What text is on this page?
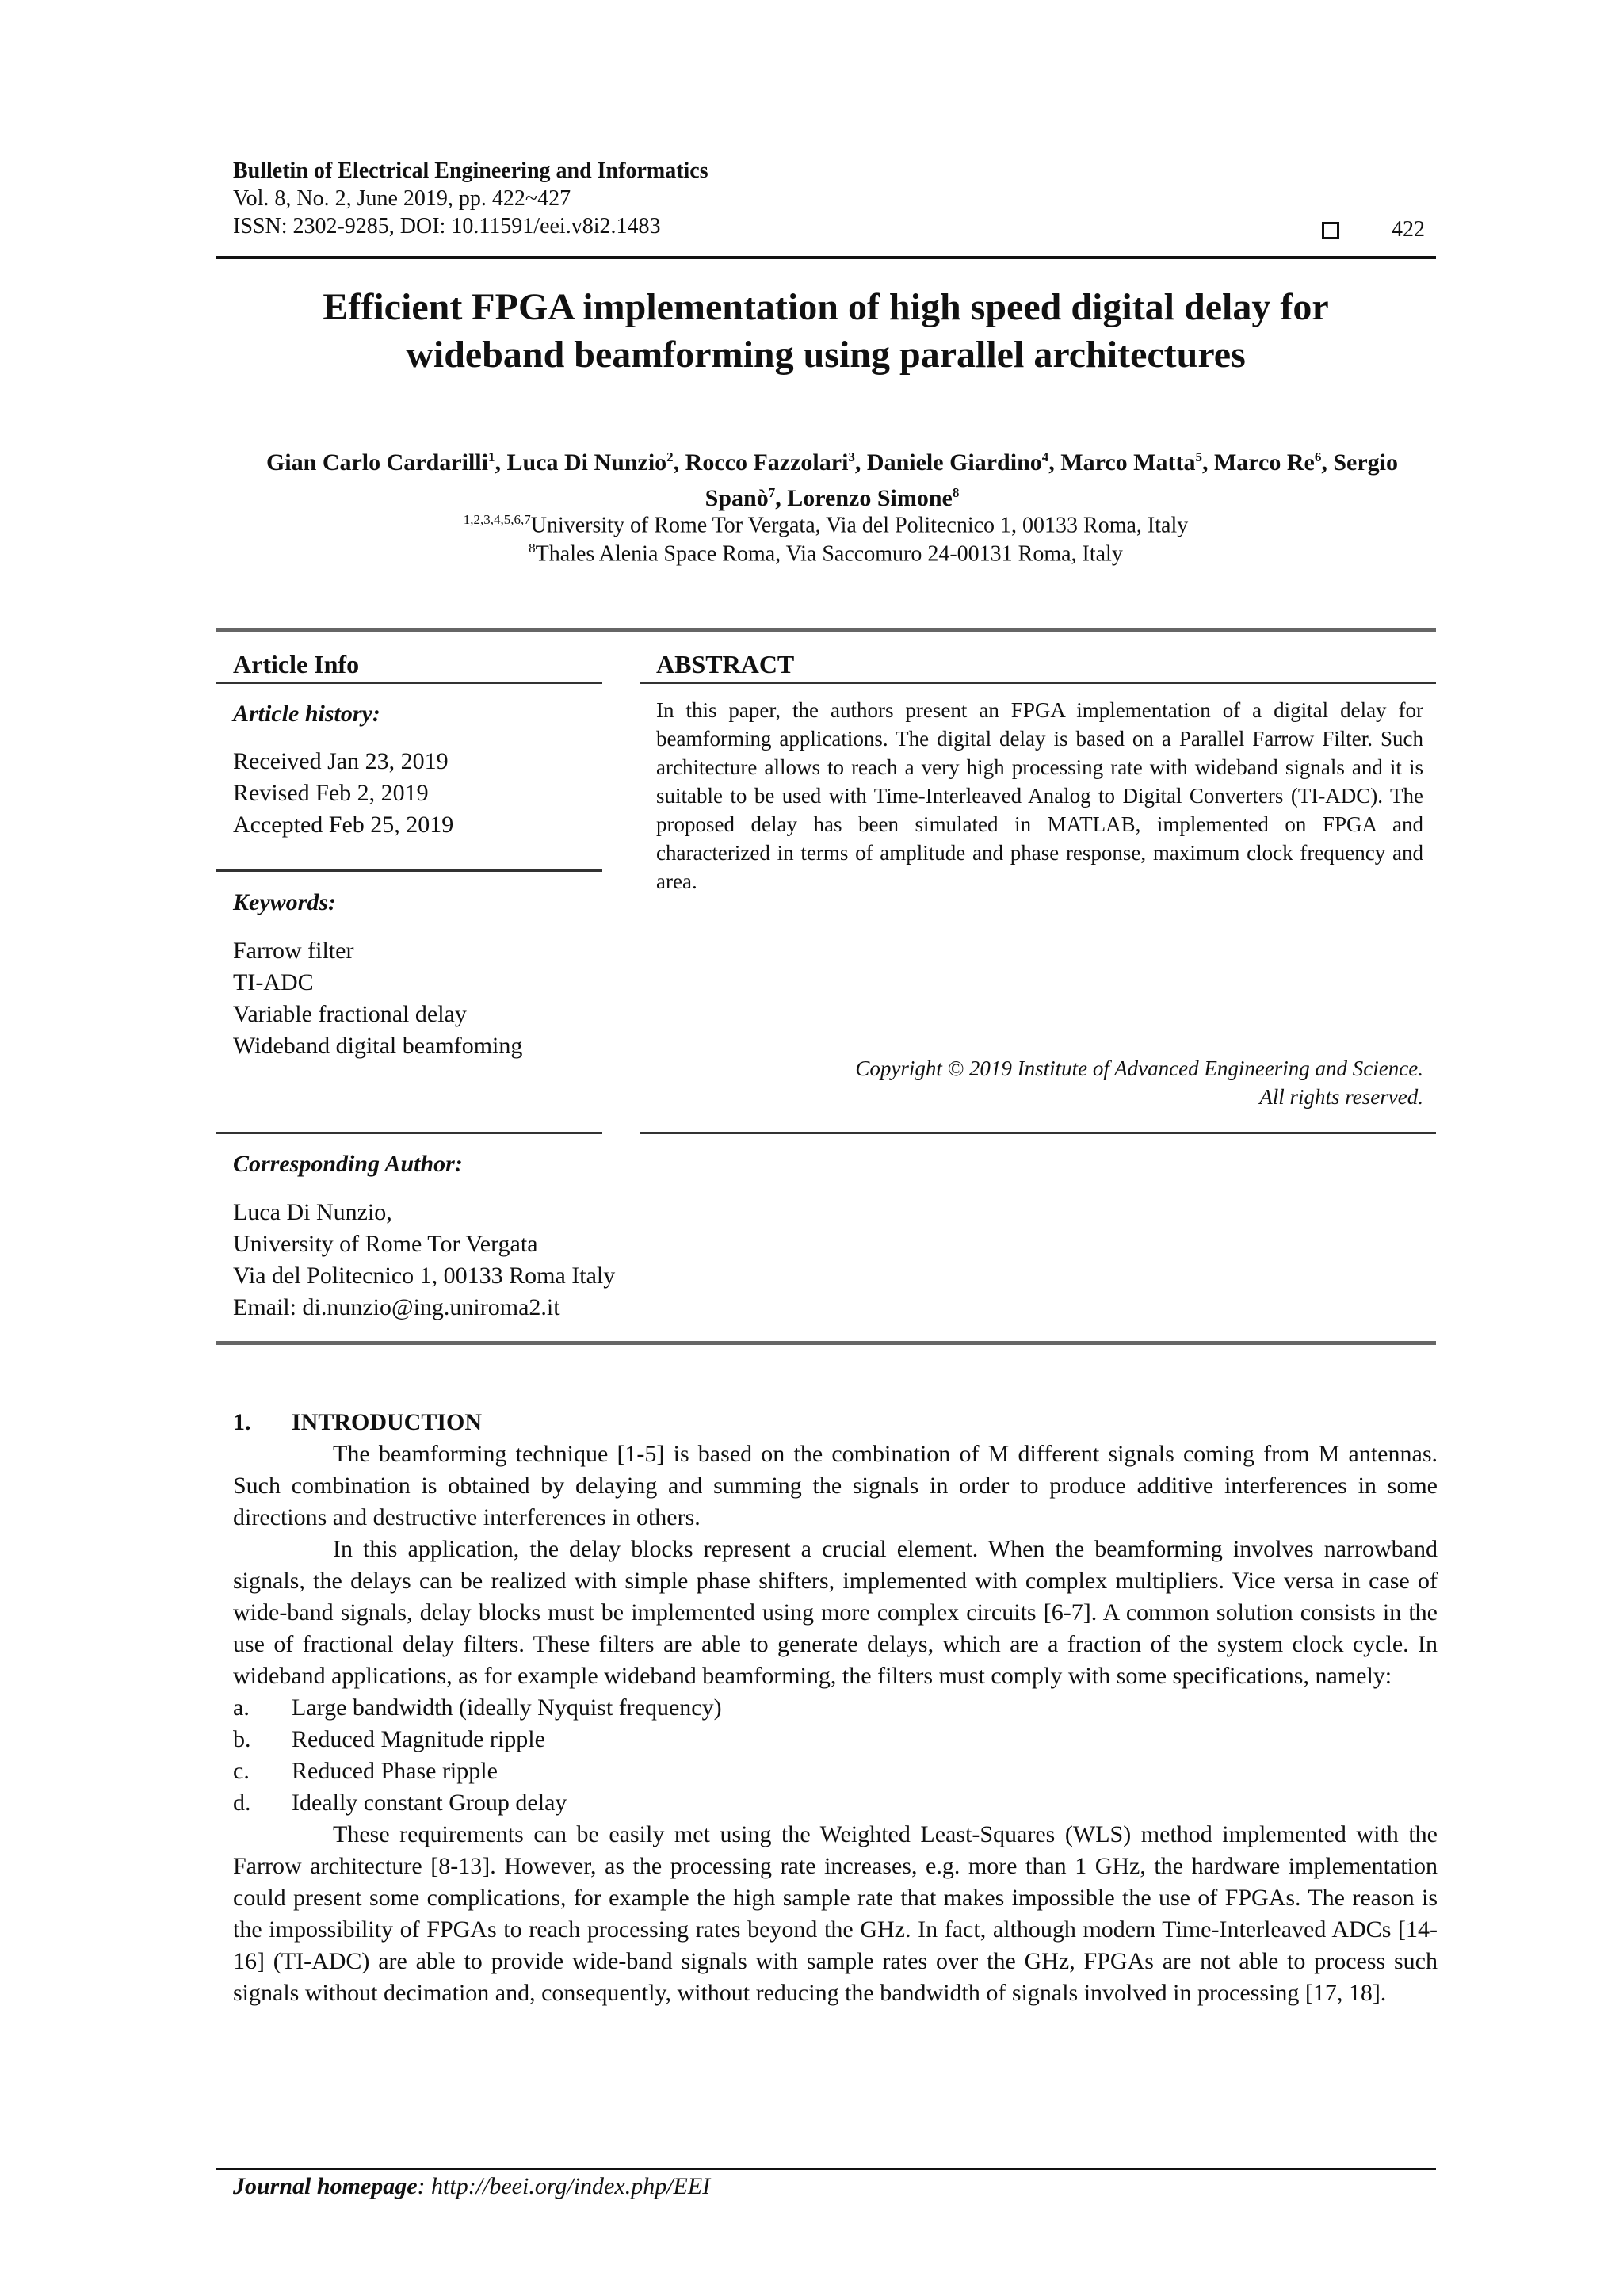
Bulletin of Electrical Engineering and Informatics
Vol. 8, No. 2, June 2019, pp. 422~427
ISSN: 2302-9285, DOI: 10.11591/eei.v8i2.1483	422
Efficient FPGA implementation of high speed digital delay for
wideband beamforming using parallel architectures
Gian Carlo Cardarilli$^1$, Luca Di Nunzio$^2$, Rocco Fazzolari$^3$, Daniele Giardino$^4$, Marco Matta$^5$, Marco Re$^6$, Sergio Spanò$^7$, Lorenzo Simone$^8$
$^{1,2,3,4,5,6,7}$University of Rome Tor Vergata, Via del Politecnico 1, 00133 Roma, Italy
$^8$Thales Alenia Space Roma, Via Saccomuro 24-00131 Roma, Italy
Article Info	ABSTRACT
Article history:
Received Jan 23, 2019
Revised Feb 2, 2019
Accepted Feb 25, 2019
Keywords:
Farrow filter
TI-ADC
Variable fractional delay
Wideband digital beamfoming
In this paper, the authors present an FPGA implementation of a digital delay for beamforming applications. The digital delay is based on a Parallel Farrow Filter. Such architecture allows to reach a very high processing rate with wideband signals and it is suitable to be used with Time-Interleaved Analog to Digital Converters (TI-ADC). The proposed delay has been simulated in MATLAB, implemented on FPGA and characterized in terms of amplitude and phase response, maximum clock frequency and area.
Copyright © 2019 Institute of Advanced Engineering and Science.
All rights reserved.
Corresponding Author:
Luca Di Nunzio,
University of Rome Tor Vergata
Via del Politecnico 1, 00133 Roma Italy
Email: di.nunzio@ing.uniroma2.it
1. INTRODUCTION

The beamforming technique [1-5] is based on the combination of M different signals coming from M antennas. Such combination is obtained by delaying and summing the signals in order to produce additive interferences in some directions and destructive interferences in others.

In this application, the delay blocks represent a crucial element. When the beamforming involves narrowband signals, the delays can be realized with simple phase shifters, implemented with complex multipliers. Vice versa in case of wide-band signals, delay blocks must be implemented using more complex circuits [6-7]. A common solution consists in the use of fractional delay filters. These filters are able to generate delays, which are a fraction of the system clock cycle. In wideband applications, as for example wideband beamforming, the filters must comply with some specifications, namely:

a. Large bandwidth (ideally Nyquist frequency)

b. Reduced Magnitude ripple

c. Reduced Phase ripple

d. Ideally constant Group delay

These requirements can be easily met using the Weighted Least-Squares (WLS) method implemented with the Farrow architecture [8-13]. However, as the processing rate increases, e.g. more than 1 GHz, the hardware implementation could present some complications, for example the high sample rate that makes impossible the use of FPGAs. The reason is the impossibility of FPGAs to reach processing rates beyond the GHz. In fact, although modern Time-Interleaved ADCs [14-16] (TI-ADC) are able to provide wide-band signals with sample rates over the GHz, FPGAs are not able to process such signals without decimation and, consequently, without reducing the bandwidth of signals involved in processing [17, 18].

Journal homepage: http://beei.org/index.php/EEI
